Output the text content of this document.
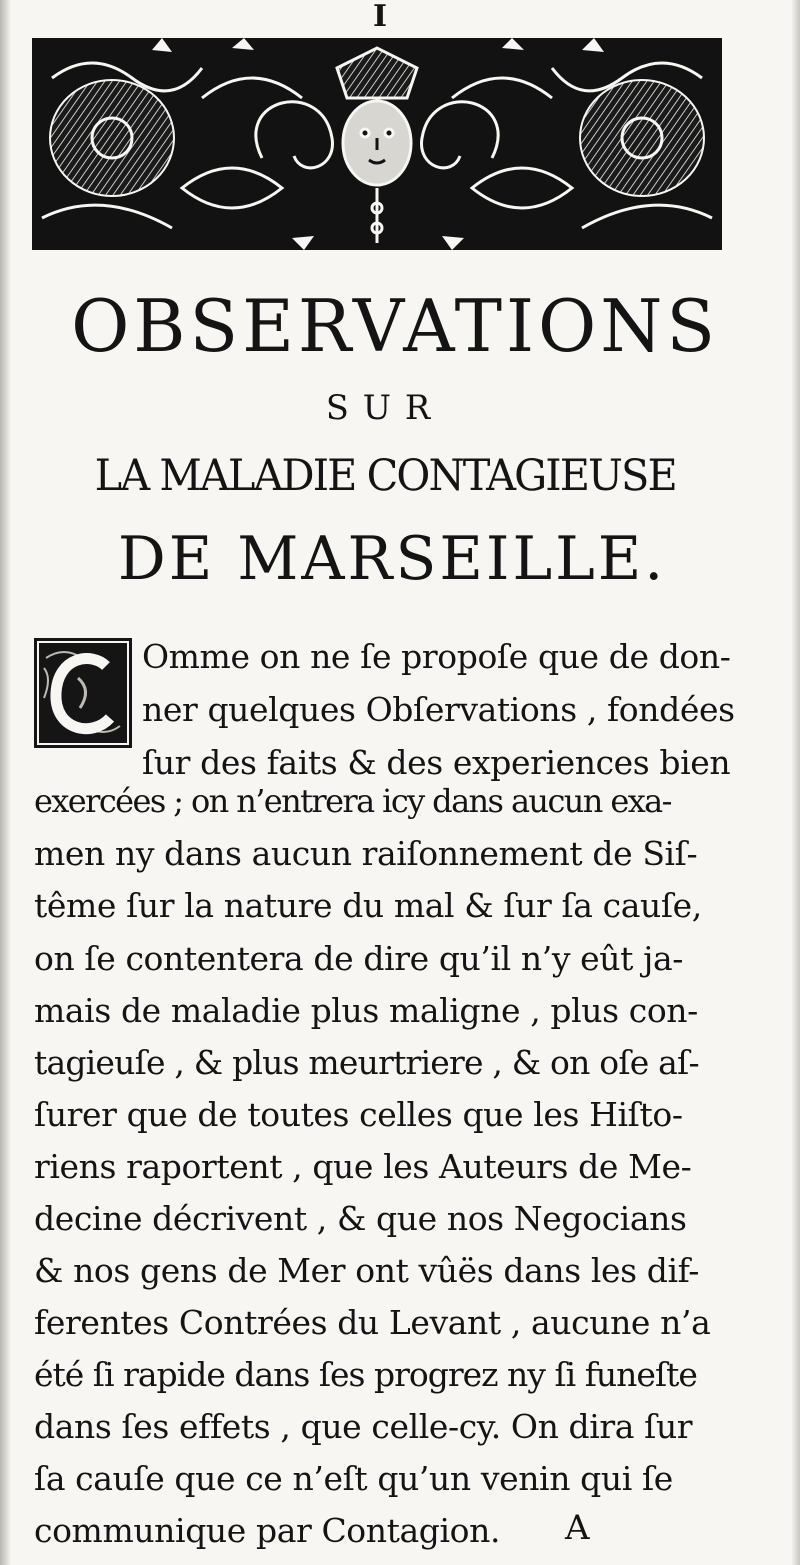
I
OBSERVATIONS
SUR
LA MALADIE CONTAGIEUSE
DE MARSEILLE.
Omme on ne ſe propoſe que de don-
ner quelques Obſervations , fondées
ſur des faits & des experiences bien
exercées ; on n’entrera icy dans aucun exa-
men ny dans aucun raiſonnement de Siſ-
tême ſur la nature du mal & ſur ſa cauſe,
on ſe contentera de dire qu’il n’y eût ja-
mais de maladie plus maligne , plus con-
tagieuſe , & plus meurtriere , & on oſe aſ-
ſurer que de toutes celles que les Hiſto-
riens raportent , que les Auteurs de Me-
decine décrivent , & que nos Negocians
& nos gens de Mer ont vûës dans les dif-
ferentes Contrées du Levant , aucune n’a
été ſi rapide dans ſes progrez ny ſi funeſte
dans ſes effets , que celle-cy. On dira ſur
ſa cauſe que ce n’eſt qu’un venin qui ſe
communique par Contagion. A
